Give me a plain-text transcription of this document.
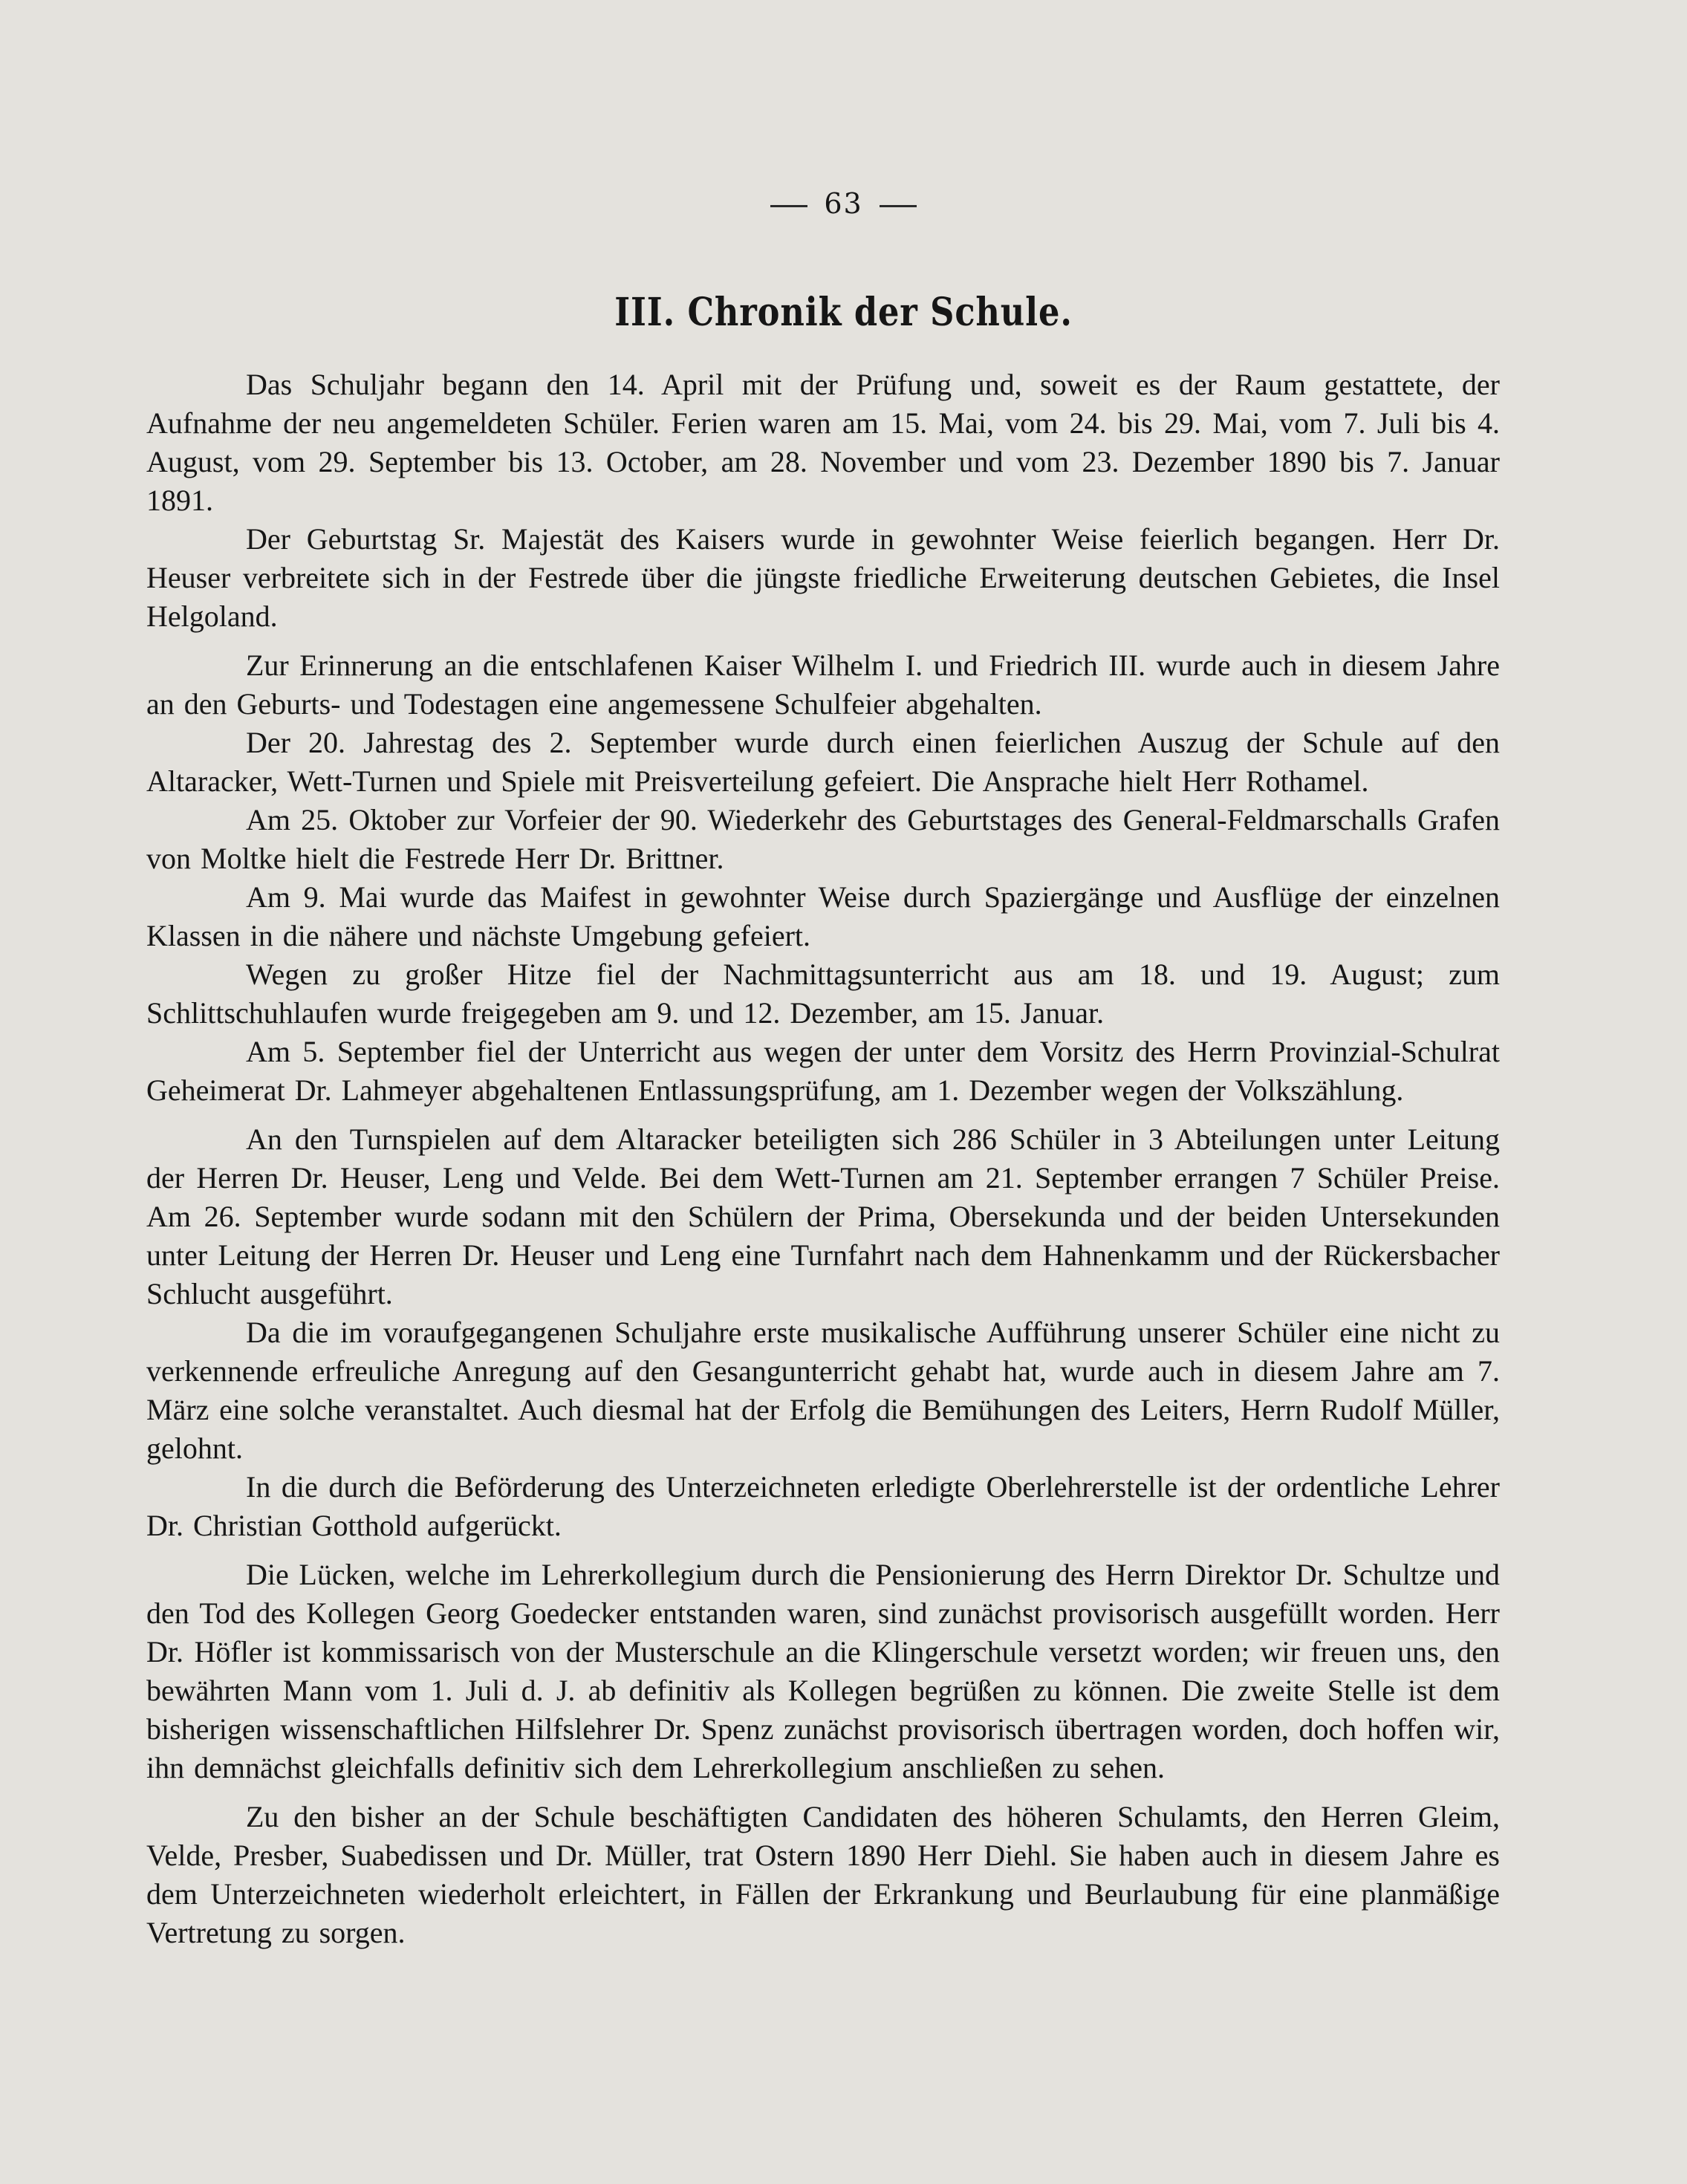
63
III. Chronik der Schule.

Das Schuljahr begann den 14. April mit der Prüfung und, soweit es der Raum gestattete, der Aufnahme der neu angemeldeten Schüler. Ferien waren am 15. Mai, vom 24. bis 29. Mai, vom 7. Juli bis 4. August, vom 29. September bis 13. October, am 28. November und vom 23. Dezember 1890 bis 7. Januar 1891.

Der Geburtstag Sr. Majestät des Kaisers wurde in gewohnter Weise feierlich begangen. Herr Dr. Heuser verbreitete sich in der Festrede über die jüngste friedliche Erweiterung deutschen Gebietes, die Insel Helgoland.

Zur Erinnerung an die entschlafenen Kaiser Wilhelm I. und Friedrich III. wurde auch in diesem Jahre an den Geburts- und Todestagen eine angemessene Schulfeier abgehalten.

Der 20. Jahrestag des 2. September wurde durch einen feierlichen Auszug der Schule auf den Altaracker, Wett-Turnen und Spiele mit Preisverteilung gefeiert. Die Ansprache hielt Herr Rothamel.

Am 25. Oktober zur Vorfeier der 90. Wiederkehr des Geburtstages des General-Feldmarschalls Grafen von Moltke hielt die Festrede Herr Dr. Brittner.

Am 9. Mai wurde das Maifest in gewohnter Weise durch Spaziergänge und Ausflüge der einzelnen Klassen in die nähere und nächste Umgebung gefeiert.

Wegen zu großer Hitze fiel der Nachmittagsunterricht aus am 18. und 19. August; zum Schlittschuhlaufen wurde freigegeben am 9. und 12. Dezember, am 15. Januar.

Am 5. September fiel der Unterricht aus wegen der unter dem Vorsitz des Herrn Provinzial-Schulrat Geheimerat Dr. Lahmeyer abgehaltenen Entlassungsprüfung, am 1. Dezember wegen der Volkszählung.

An den Turnspielen auf dem Altaracker beteiligten sich 286 Schüler in 3 Abteilungen unter Leitung der Herren Dr. Heuser, Leng und Velde. Bei dem Wett-Turnen am 21. September errangen 7 Schüler Preise. Am 26. September wurde sodann mit den Schülern der Prima, Obersekunda und der beiden Untersekunden unter Leitung der Herren Dr. Heuser und Leng eine Turnfahrt nach dem Hahnenkamm und der Rückersbacher Schlucht ausgeführt.

Da die im voraufgegangenen Schuljahre erste musikalische Aufführung unserer Schüler eine nicht zu verkennende erfreuliche Anregung auf den Gesangunterricht gehabt hat, wurde auch in diesem Jahre am 7. März eine solche veranstaltet. Auch diesmal hat der Erfolg die Bemühungen des Leiters, Herrn Rudolf Müller, gelohnt.

In die durch die Beförderung des Unterzeichneten erledigte Oberlehrerstelle ist der ordentliche Lehrer Dr. Christian Gotthold aufgerückt.

Die Lücken, welche im Lehrerkollegium durch die Pensionierung des Herrn Direktor Dr. Schultze und den Tod des Kollegen Georg Goedecker entstanden waren, sind zunächst provisorisch ausgefüllt worden. Herr Dr. Höfler ist kommissarisch von der Musterschule an die Klingerschule versetzt worden; wir freuen uns, den bewährten Mann vom 1. Juli d. J. ab definitiv als Kollegen begrüßen zu können. Die zweite Stelle ist dem bisherigen wissenschaftlichen Hilfslehrer Dr. Spenz zunächst provisorisch übertragen worden, doch hoffen wir, ihn demnächst gleichfalls definitiv sich dem Lehrerkollegium anschließen zu sehen.

Zu den bisher an der Schule beschäftigten Candidaten des höheren Schulamts, den Herren Gleim, Velde, Presber, Suabedissen und Dr. Müller, trat Ostern 1890 Herr Diehl. Sie haben auch in diesem Jahre es dem Unterzeichneten wiederholt erleichtert, in Fällen der Erkrankung und Beurlaubung für eine planmäßige Vertretung zu sorgen.
